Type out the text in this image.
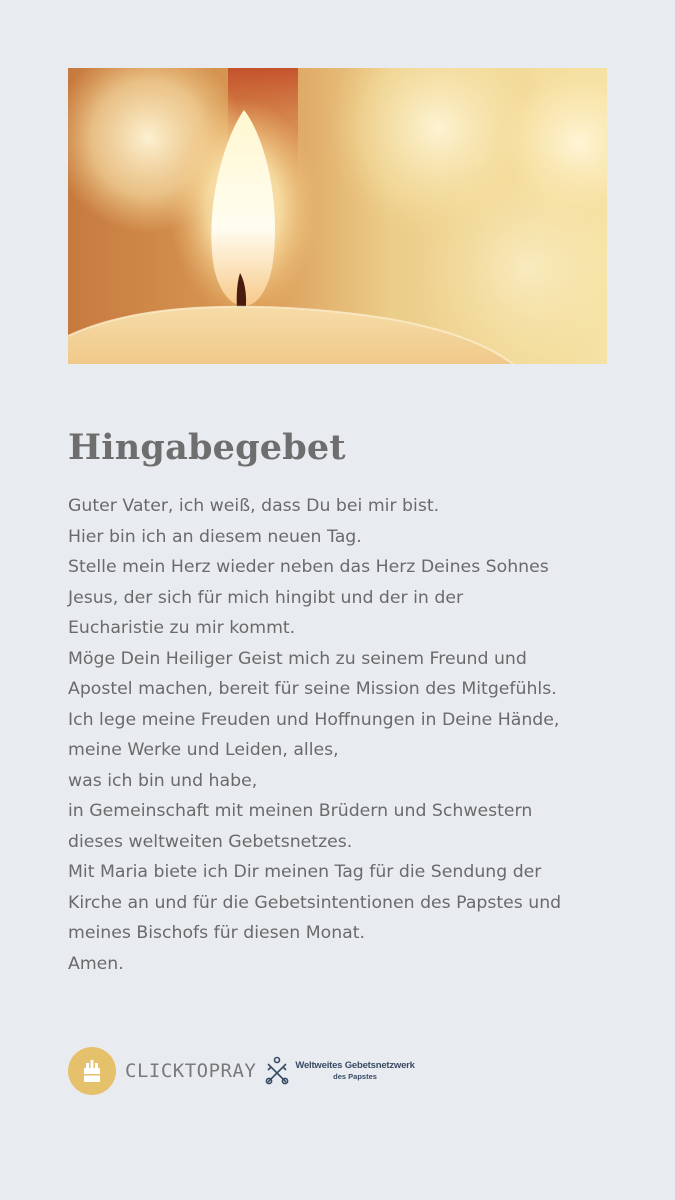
Hingabegebet
Guter Vater, ich weiß, dass Du bei mir bist.
Hier bin ich an diesem neuen Tag.
Stelle mein Herz wieder neben das Herz Deines Sohnes
Jesus, der sich für mich hingibt und der in der
Eucharistie zu mir kommt.
Möge Dein Heiliger Geist mich zu seinem Freund und
Apostel machen, bereit für seine Mission des Mitgefühls.
Ich lege meine Freuden und Hoffnungen in Deine Hände,
meine Werke und Leiden, alles,
was ich bin und habe,
in Gemeinschaft mit meinen Brüdern und Schwestern
dieses weltweiten Gebetsnetzes.
Mit Maria biete ich Dir meinen Tag für die Sendung der
Kirche an und für die Gebetsintentionen des Papstes und
meines Bischofs für diesen Monat.
Amen.
CLICKTOPRAY	Weltweites Gebetsnetzwerk
des Papstes
